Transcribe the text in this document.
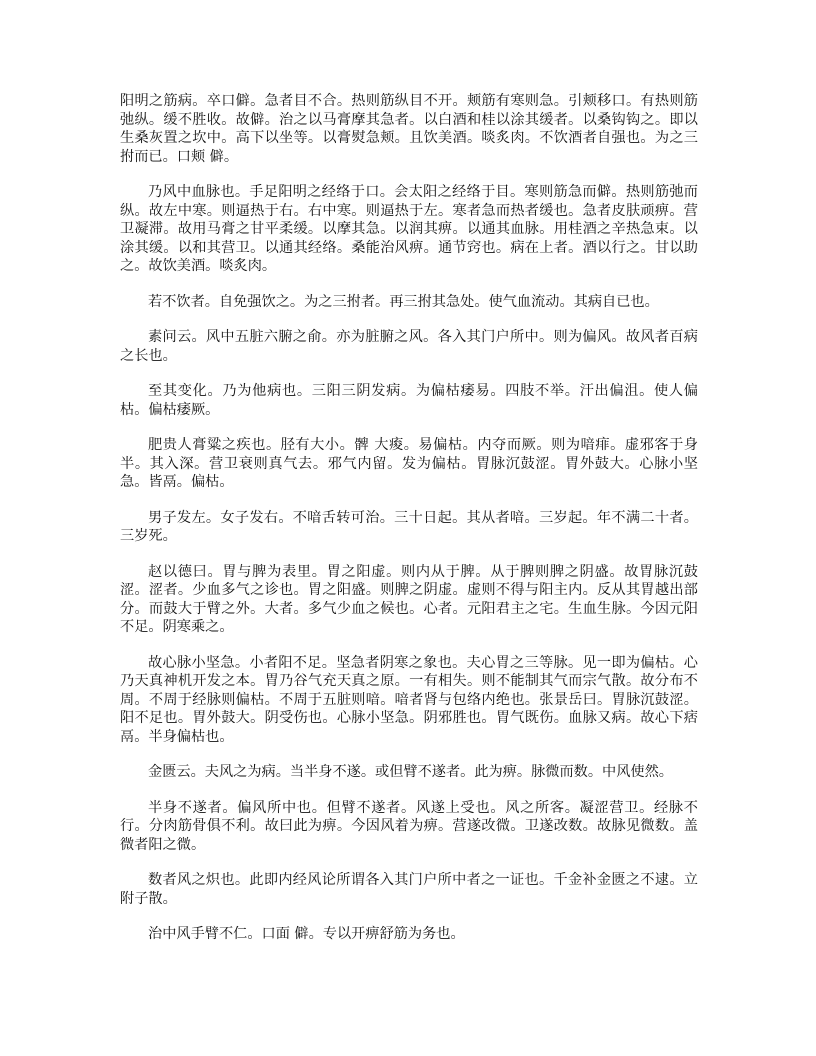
阳明之筋病。卒口僻。急者目不合。热则筋纵目不开。颊筋有寒则急。引颊移口。有热则筋弛纵。缓不胜收。故僻。治之以马膏摩其急者。以白酒和桂以涂其缓者。以桑钩钩之。即以生桑灰置之坎中。高下以坐等。以膏熨急颊。且饮美酒。啖炙肉。不饮酒者自强也。为之三拊而已。口颊 僻。

乃风中血脉也。手足阳明之经络于口。会太阳之经络于目。寒则筋急而僻。热则筋弛而纵。故左中寒。则逼热于右。右中寒。则逼热于左。寒者急而热者缓也。急者皮肤顽痹。营卫凝滞。故用马膏之甘平柔缓。以摩其急。以润其痹。以通其血脉。用桂酒之辛热急束。以涂其缓。以和其营卫。以通其经络。桑能治风痹。通节窍也。病在上者。酒以行之。甘以助之。故饮美酒。啖炙肉。

若不饮者。自免强饮之。为之三拊者。再三拊其急处。使气血流动。其病自已也。

素问云。风中五脏六腑之俞。亦为脏腑之风。各入其门户所中。则为偏风。故风者百病之长也。

至其变化。乃为他病也。三阳三阴发病。为偏枯痿易。四肢不举。汗出偏沮。使人偏枯。偏枯痿厥。

肥贵人膏粱之疾也。胫有大小。髀 大痠。易偏枯。内夺而厥。则为喑痱。虚邪客于身半。其入深。营卫衰则真气去。邪气内留。发为偏枯。胃脉沉鼓涩。胃外鼓大。心脉小坚急。皆鬲。偏枯。

男子发左。女子发右。不喑舌转可治。三十日起。其从者喑。三岁起。年不满二十者。三岁死。

赵以德曰。胃与脾为表里。胃之阳虚。则内从于脾。从于脾则脾之阴盛。故胃脉沉鼓涩。涩者。少血多气之诊也。胃之阳盛。则脾之阴虚。虚则不得与阳主内。反从其胃越出部分。而鼓大于臂之外。大者。多气少血之候也。心者。元阳君主之宅。生血生脉。今因元阳不足。阴寒乘之。

故心脉小坚急。小者阳不足。坚急者阴寒之象也。夫心胃之三等脉。见一即为偏枯。心乃天真神机开发之本。胃乃谷气充天真之原。一有相失。则不能制其气而宗气散。故分布不周。不周于经脉则偏枯。不周于五脏则喑。喑者肾与包络内绝也。张景岳曰。胃脉沉鼓涩。阳不足也。胃外鼓大。阴受伤也。心脉小坚急。阴邪胜也。胃气既伤。血脉又病。故心下痞鬲。半身偏枯也。

金匮云。夫风之为病。当半身不遂。或但臂不遂者。此为痹。脉微而数。中风使然。

半身不遂者。偏风所中也。但臂不遂者。风遂上受也。风之所客。凝涩营卫。经脉不行。分肉筋骨俱不利。故曰此为痹。今因风着为痹。营遂改微。卫遂改数。故脉见微数。盖微者阳之微。

数者风之炽也。此即内经风论所谓各入其门户所中者之一证也。千金补金匮之不逮。立附子散。

治中风手臂不仁。口面 僻。专以开痹舒筋为务也。
